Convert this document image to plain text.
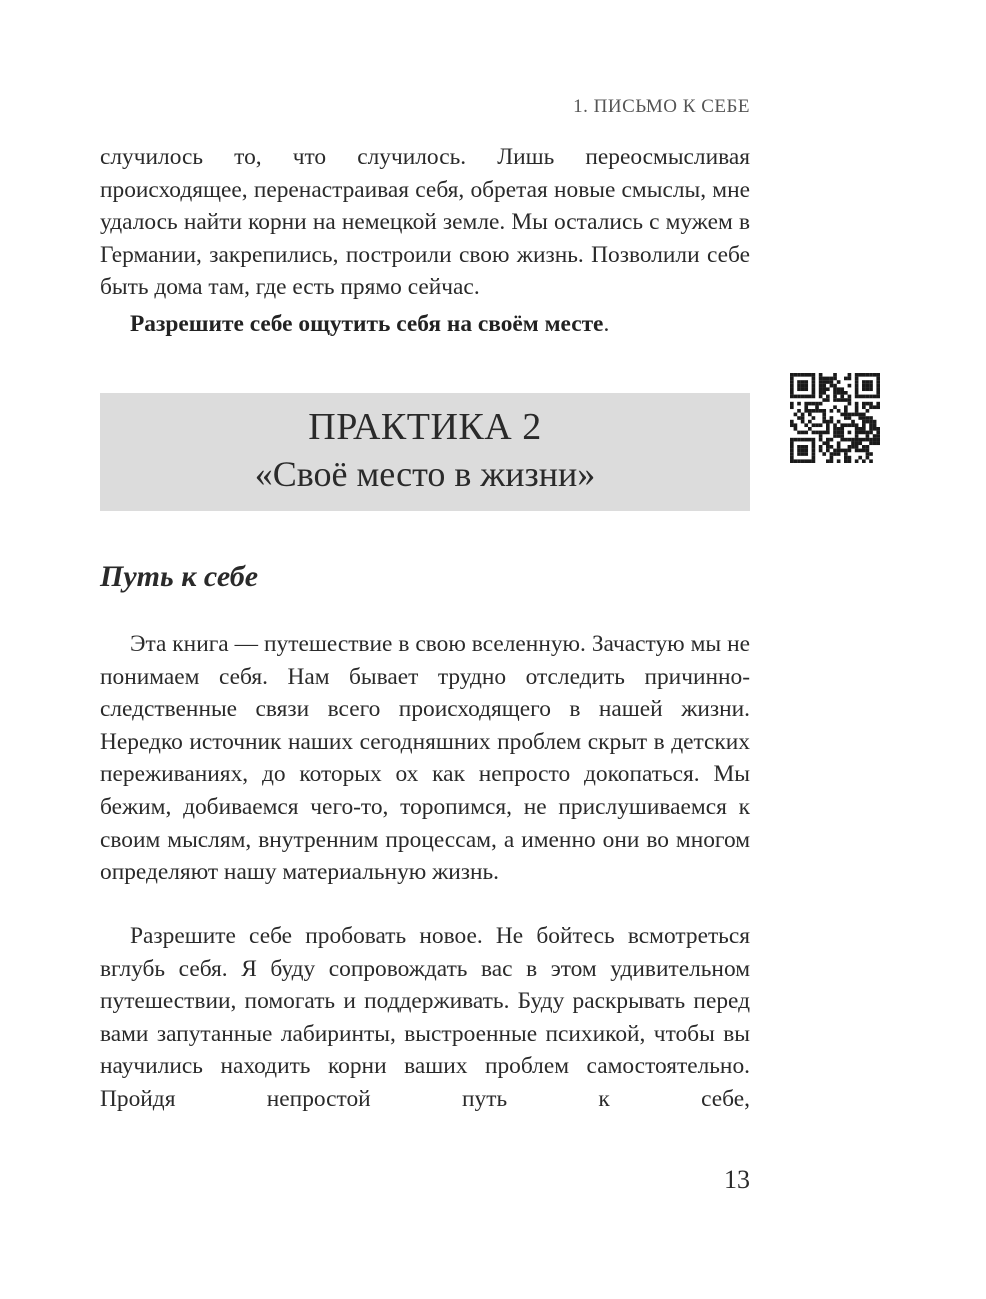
1. ПИСЬМО К СЕБЕ

случилось то, что случилось. Лишь переосмысливая происходящее, перенастраивая себя, обретая новые смыслы, мне удалось найти корни на немецкой земле. Мы остались с мужем в Германии, закрепились, построили свою жизнь. Позволили себе быть дома там, где есть прямо сейчас.

Разрешите себе ощутить себя на своём месте.

ПРАКТИКА 2
«Своё место в жизни»
Путь к себе

Эта книга — путешествие в свою вселенную. Зачастую мы не понимаем себя. Нам бывает трудно отследить причинно-следственные связи всего происходящего в нашей жизни. Нередко источник наших сегодняшних проблем скрыт в детских переживаниях, до которых ох как непросто докопаться. Мы бежим, добиваемся чего-то, торопимся, не прислушиваемся к своим мыслям, внутренним процессам, а именно они во многом определяют нашу материальную жизнь.

Разрешите себе пробовать новое. Не бойтесь всмотреться вглубь себя. Я буду сопровождать вас в этом удивительном путешествии, помогать и поддерживать. Буду раскрывать перед вами запутанные лабиринты, выстроенные психикой, чтобы вы научились находить корни ваших проблем самостоятельно. Пройдя непростой путь к себе,

13
